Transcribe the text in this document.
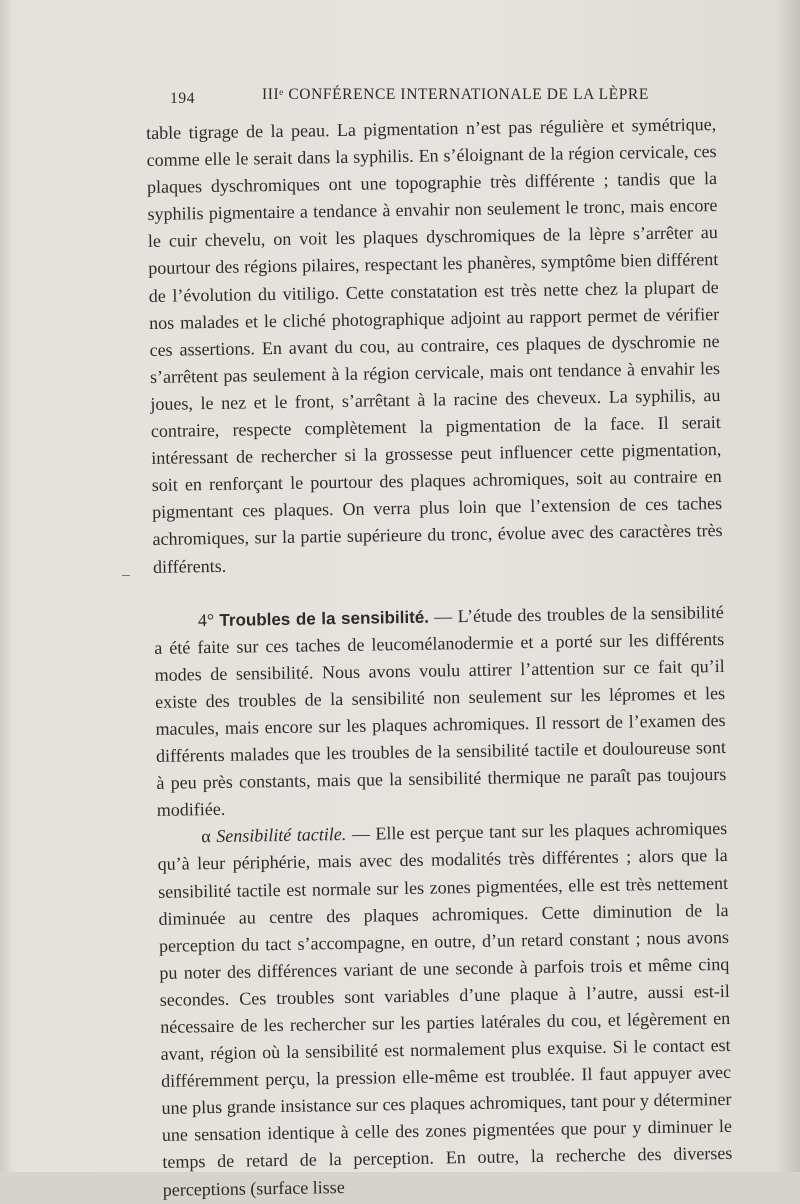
194	IIIᵉ CONFÉRENCE INTERNATIONALE DE LA LÈPRE

table tigrage de la peau. La pigmentation n’est pas régulière et symétrique, comme elle le serait dans la syphilis. En s’éloignant de la région cervicale, ces plaques dyschromiques ont une topographie très différente ; tandis que la syphilis pigmentaire a tendance à envahir non seulement le tronc, mais encore le cuir chevelu, on voit les plaques dyschromiques de la lèpre s’arrêter au pourtour des régions pilaires, respectant les phanères, symptôme bien différent de l’évolution du vitiligo. Cette constatation est très nette chez la plupart de nos malades et le cliché photographique adjoint au rapport permet de vérifier ces assertions. En avant du cou, au contraire, ces plaques de dyschromie ne s’arrêtent pas seulement à la région cervicale, mais ont tendance à envahir les joues, le nez et le front, s’arrêtant à la racine des cheveux. La syphilis, au contraire, respecte complètement la pigmentation de la face. Il serait intéressant de rechercher si la grossesse peut influencer cette pigmentation, soit en renforçant le pourtour des plaques achromiques, soit au contraire en pigmentant ces plaques. On verra plus loin que l’extension de ces taches achromiques, sur la partie supérieure du tronc, évolue avec des caractères très différents.

4° Troubles de la sensibilité. — L’étude des troubles de la sensibilité a été faite sur ces taches de leucomélanodermie et a porté sur les différents modes de sensibilité. Nous avons voulu attirer l’attention sur ce fait qu’il existe des troubles de la sensibilité non seulement sur les lépromes et les macules, mais encore sur les plaques achromiques. Il ressort de l’examen des différents malades que les troubles de la sensibilité tactile et douloureuse sont à peu près constants, mais que la sensibilité thermique ne paraît pas toujours modifiée.

α Sensibilité tactile. — Elle est perçue tant sur les plaques achromiques qu’à leur périphérie, mais avec des modalités très différentes ; alors que la sensibilité tactile est normale sur les zones pigmentées, elle est très nettement diminuée au centre des plaques achromiques. Cette diminution de la perception du tact s’accompagne, en outre, d’un retard constant ; nous avons pu noter des différences variant de une seconde à parfois trois et même cinq secondes. Ces troubles sont variables d’une plaque à l’autre, aussi est-il nécessaire de les rechercher sur les parties latérales du cou, et légèrement en avant, région où la sensibilité est normalement plus exquise. Si le contact est différemment perçu, la pression elle-même est troublée. Il faut appuyer avec une plus grande insistance sur ces plaques achromiques, tant pour y déterminer une sensation identique à celle des zones pigmentées que pour y diminuer le temps de retard de la perception. En outre, la recherche des diverses perceptions (surface lisse
